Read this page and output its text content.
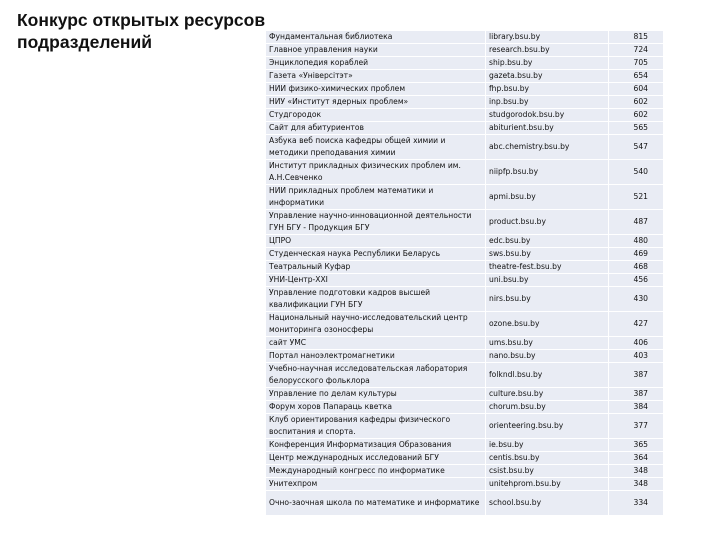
Конкурс открытых ресурсов подразделений	Фундаментальная библиотека	library.bsu.by	815
Главное управления науки	research.bsu.by	724
Энциклопедия кораблей	ship.bsu.by	705
Газета «Унiверсiтэт»	gazeta.bsu.by	654
НИИ физико-химических проблем	fhp.bsu.by	604
НИУ «Институт ядерных проблем»	inp.bsu.by	602
Студгородок	studgorodok.bsu.by	602
Сайт для абитуриентов	abiturient.bsu.by	565
Азбука веб поиска кафедры общей химии и методики преподавания химии	abc.chemistry.bsu.by	547
Институт прикладных физических проблем им. А.Н.Севченко	niipfp.bsu.by	540
НИИ прикладных проблем математики и информатики	apmi.bsu.by	521
Управление научно-инновационной деятельности ГУН БГУ - Продукция БГУ	product.bsu.by	487
ЦПРО	edc.bsu.by	480
Студенческая наука Республики Беларусь	sws.bsu.by	469
Театральный Куфар	theatre-fest.bsu.by	468
УНИ-Центр-XXI	uni.bsu.by	456
Управление подготовки кадров высшей квалификации ГУН БГУ	nirs.bsu.by	430
Национальный научно-исследовательский центр мониторинга озоносферы	ozone.bsu.by	427
сайт УМС	ums.bsu.by	406
Портал наноэлектромагнетики	nano.bsu.by	403
Учебно-научная исследовательская лаборатория белорусского фольклора	folkndl.bsu.by	387
Управление по делам культуры	culture.bsu.by	387
Форум хоров Папараць кветка	chorum.bsu.by	384
Клуб ориентирования кафедры физического воспитания и спорта.	orienteering.bsu.by	377
Конференция Информатизация Образования	ie.bsu.by	365
Центр международных исследований БГУ	centis.bsu.by	364
Международный конгресс по информатике	csist.bsu.by	348
Унитехпром	unitehprom.bsu.by	348
Очно-заочная школа по математике и информатике	school.bsu.by	334
